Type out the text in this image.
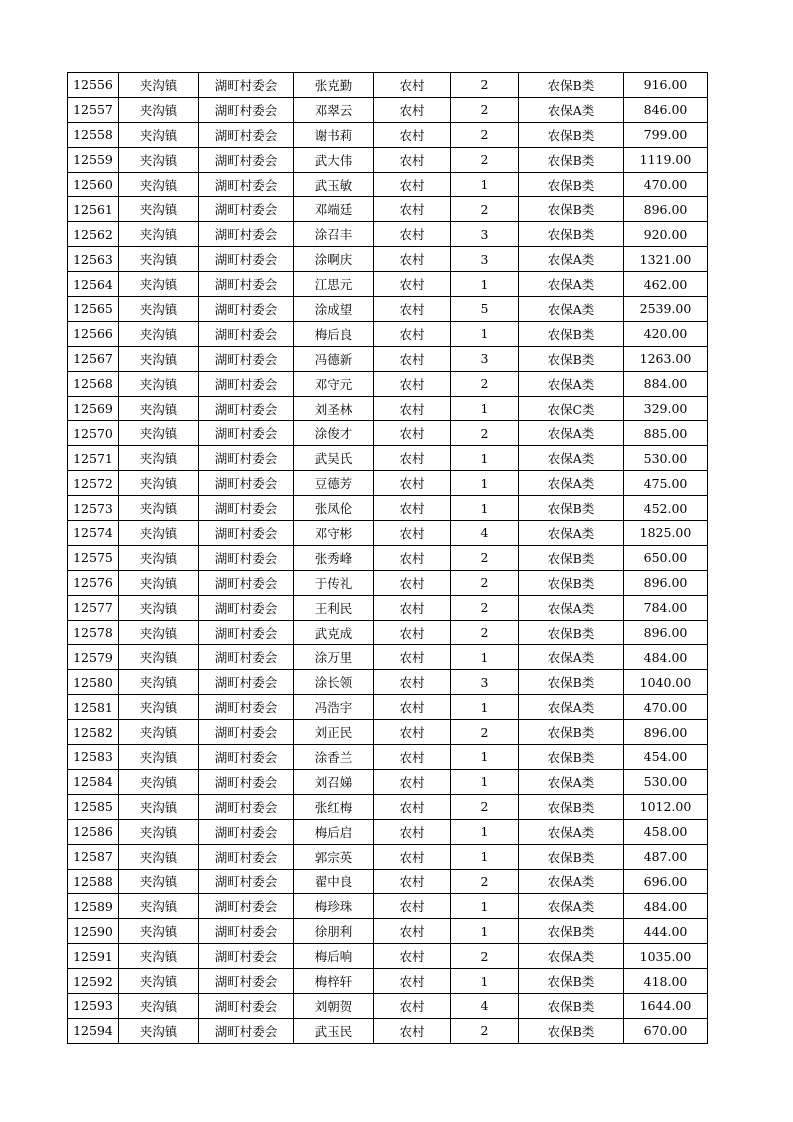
12556	夹沟镇	湖町村委会	张克勤	农村	2	农保B类	916.00
12557	夹沟镇	湖町村委会	邓翠云	农村	2	农保A类	846.00
12558	夹沟镇	湖町村委会	谢书莉	农村	2	农保B类	799.00
12559	夹沟镇	湖町村委会	武大伟	农村	2	农保B类	1119.00
12560	夹沟镇	湖町村委会	武玉敏	农村	1	农保B类	470.00
12561	夹沟镇	湖町村委会	邓端廷	农村	2	农保B类	896.00
12562	夹沟镇	湖町村委会	涂召丰	农村	3	农保B类	920.00
12563	夹沟镇	湖町村委会	涂啊庆	农村	3	农保A类	1321.00
12564	夹沟镇	湖町村委会	江思元	农村	1	农保A类	462.00
12565	夹沟镇	湖町村委会	涂成望	农村	5	农保A类	2539.00
12566	夹沟镇	湖町村委会	梅后良	农村	1	农保B类	420.00
12567	夹沟镇	湖町村委会	冯德新	农村	3	农保B类	1263.00
12568	夹沟镇	湖町村委会	邓守元	农村	2	农保A类	884.00
12569	夹沟镇	湖町村委会	刘圣林	农村	1	农保C类	329.00
12570	夹沟镇	湖町村委会	涂俊才	农村	2	农保A类	885.00
12571	夹沟镇	湖町村委会	武吴氏	农村	1	农保A类	530.00
12572	夹沟镇	湖町村委会	豆德芳	农村	1	农保A类	475.00
12573	夹沟镇	湖町村委会	张凤伦	农村	1	农保B类	452.00
12574	夹沟镇	湖町村委会	邓守彬	农村	4	农保A类	1825.00
12575	夹沟镇	湖町村委会	张秀峰	农村	2	农保B类	650.00
12576	夹沟镇	湖町村委会	于传礼	农村	2	农保B类	896.00
12577	夹沟镇	湖町村委会	王利民	农村	2	农保A类	784.00
12578	夹沟镇	湖町村委会	武克成	农村	2	农保B类	896.00
12579	夹沟镇	湖町村委会	涂万里	农村	1	农保A类	484.00
12580	夹沟镇	湖町村委会	涂长领	农村	3	农保B类	1040.00
12581	夹沟镇	湖町村委会	冯浩宇	农村	1	农保A类	470.00
12582	夹沟镇	湖町村委会	刘正民	农村	2	农保B类	896.00
12583	夹沟镇	湖町村委会	涂香兰	农村	1	农保B类	454.00
12584	夹沟镇	湖町村委会	刘召娣	农村	1	农保A类	530.00
12585	夹沟镇	湖町村委会	张红梅	农村	2	农保B类	1012.00
12586	夹沟镇	湖町村委会	梅后启	农村	1	农保A类	458.00
12587	夹沟镇	湖町村委会	郭宗英	农村	1	农保B类	487.00
12588	夹沟镇	湖町村委会	翟中良	农村	2	农保A类	696.00
12589	夹沟镇	湖町村委会	梅珍珠	农村	1	农保A类	484.00
12590	夹沟镇	湖町村委会	徐朋利	农村	1	农保B类	444.00
12591	夹沟镇	湖町村委会	梅后响	农村	2	农保A类	1035.00
12592	夹沟镇	湖町村委会	梅梓轩	农村	1	农保B类	418.00
12593	夹沟镇	湖町村委会	刘朝贺	农村	4	农保B类	1644.00
12594	夹沟镇	湖町村委会	武玉民	农村	2	农保B类	670.00
